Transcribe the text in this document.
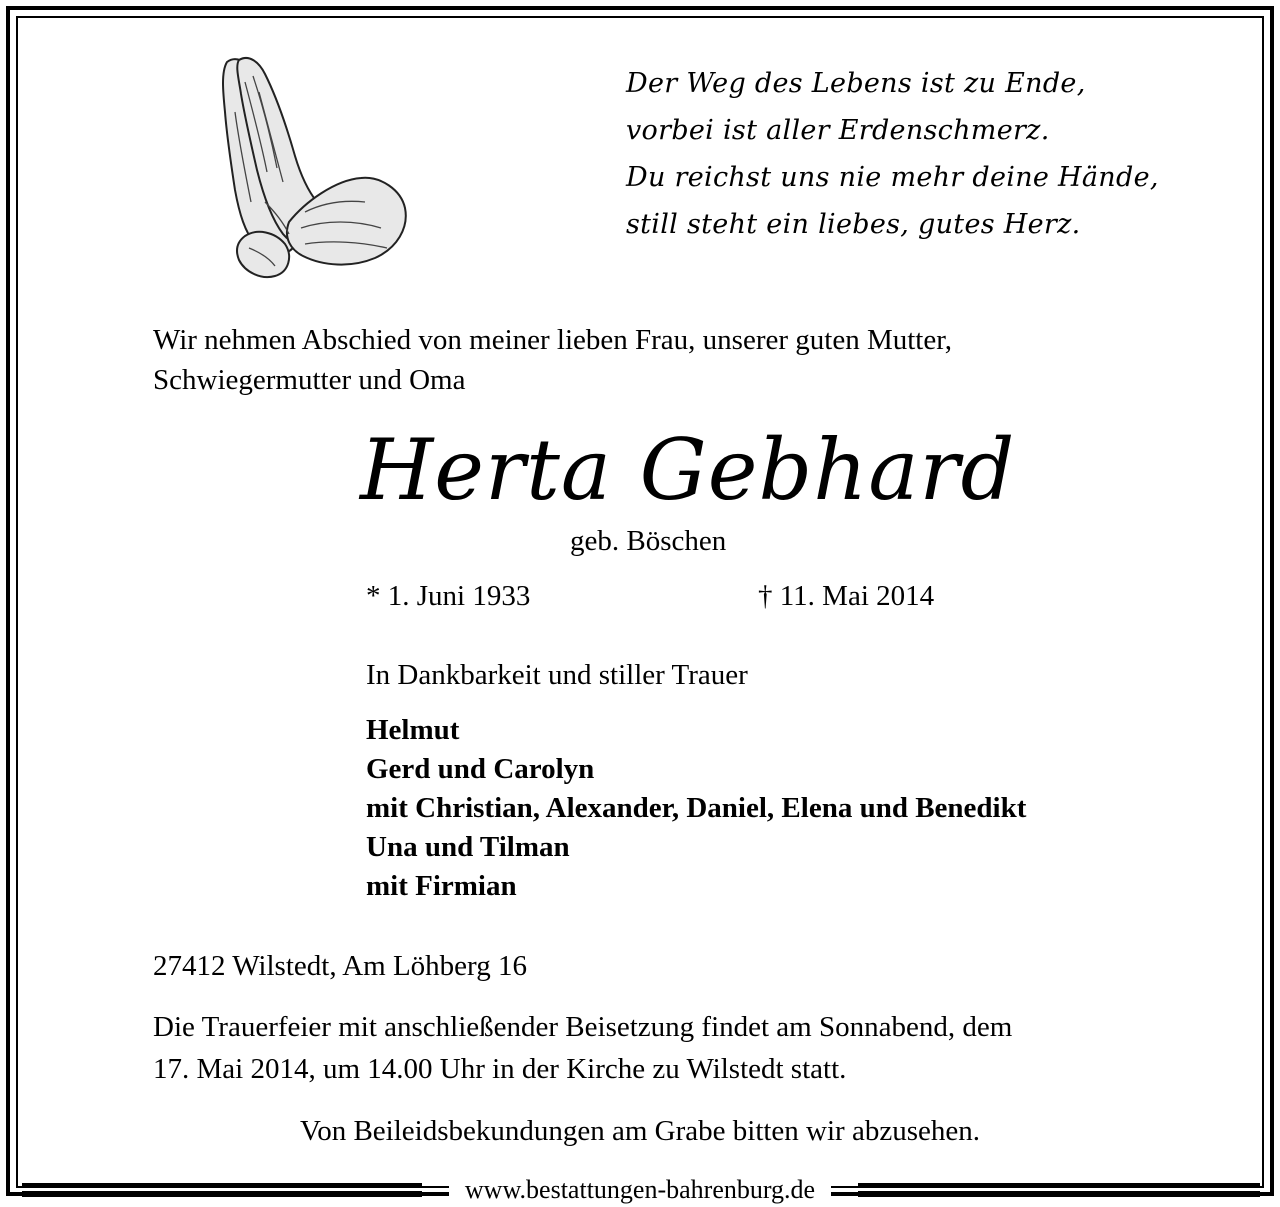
Der Weg des Lebens ist zu Ende,
vorbei ist aller Erdenschmerz.
Du reichst uns nie mehr deine Hände,
still steht ein liebes, gutes Herz.
Wir nehmen Abschied von meiner lieben Frau, unserer guten Mutter,
Schwiegermutter und Oma
Herta Gebhard
geb. Böschen
* 1. Juni 1933	† 11. Mai 2014
In Dankbarkeit und stiller Trauer
Helmut
Gerd und Carolyn
mit Christian, Alexander, Daniel, Elena und Benedikt
Una und Tilman
mit Firmian
27412 Wilstedt, Am Löhberg 16
Die Trauerfeier mit anschließender Beisetzung findet am Sonnabend, dem
17. Mai 2014, um 14.00 Uhr in der Kirche zu Wilstedt statt.
Von Beileidsbekundungen am Grabe bitten wir abzusehen.
www.bestattungen-bahrenburg.de
